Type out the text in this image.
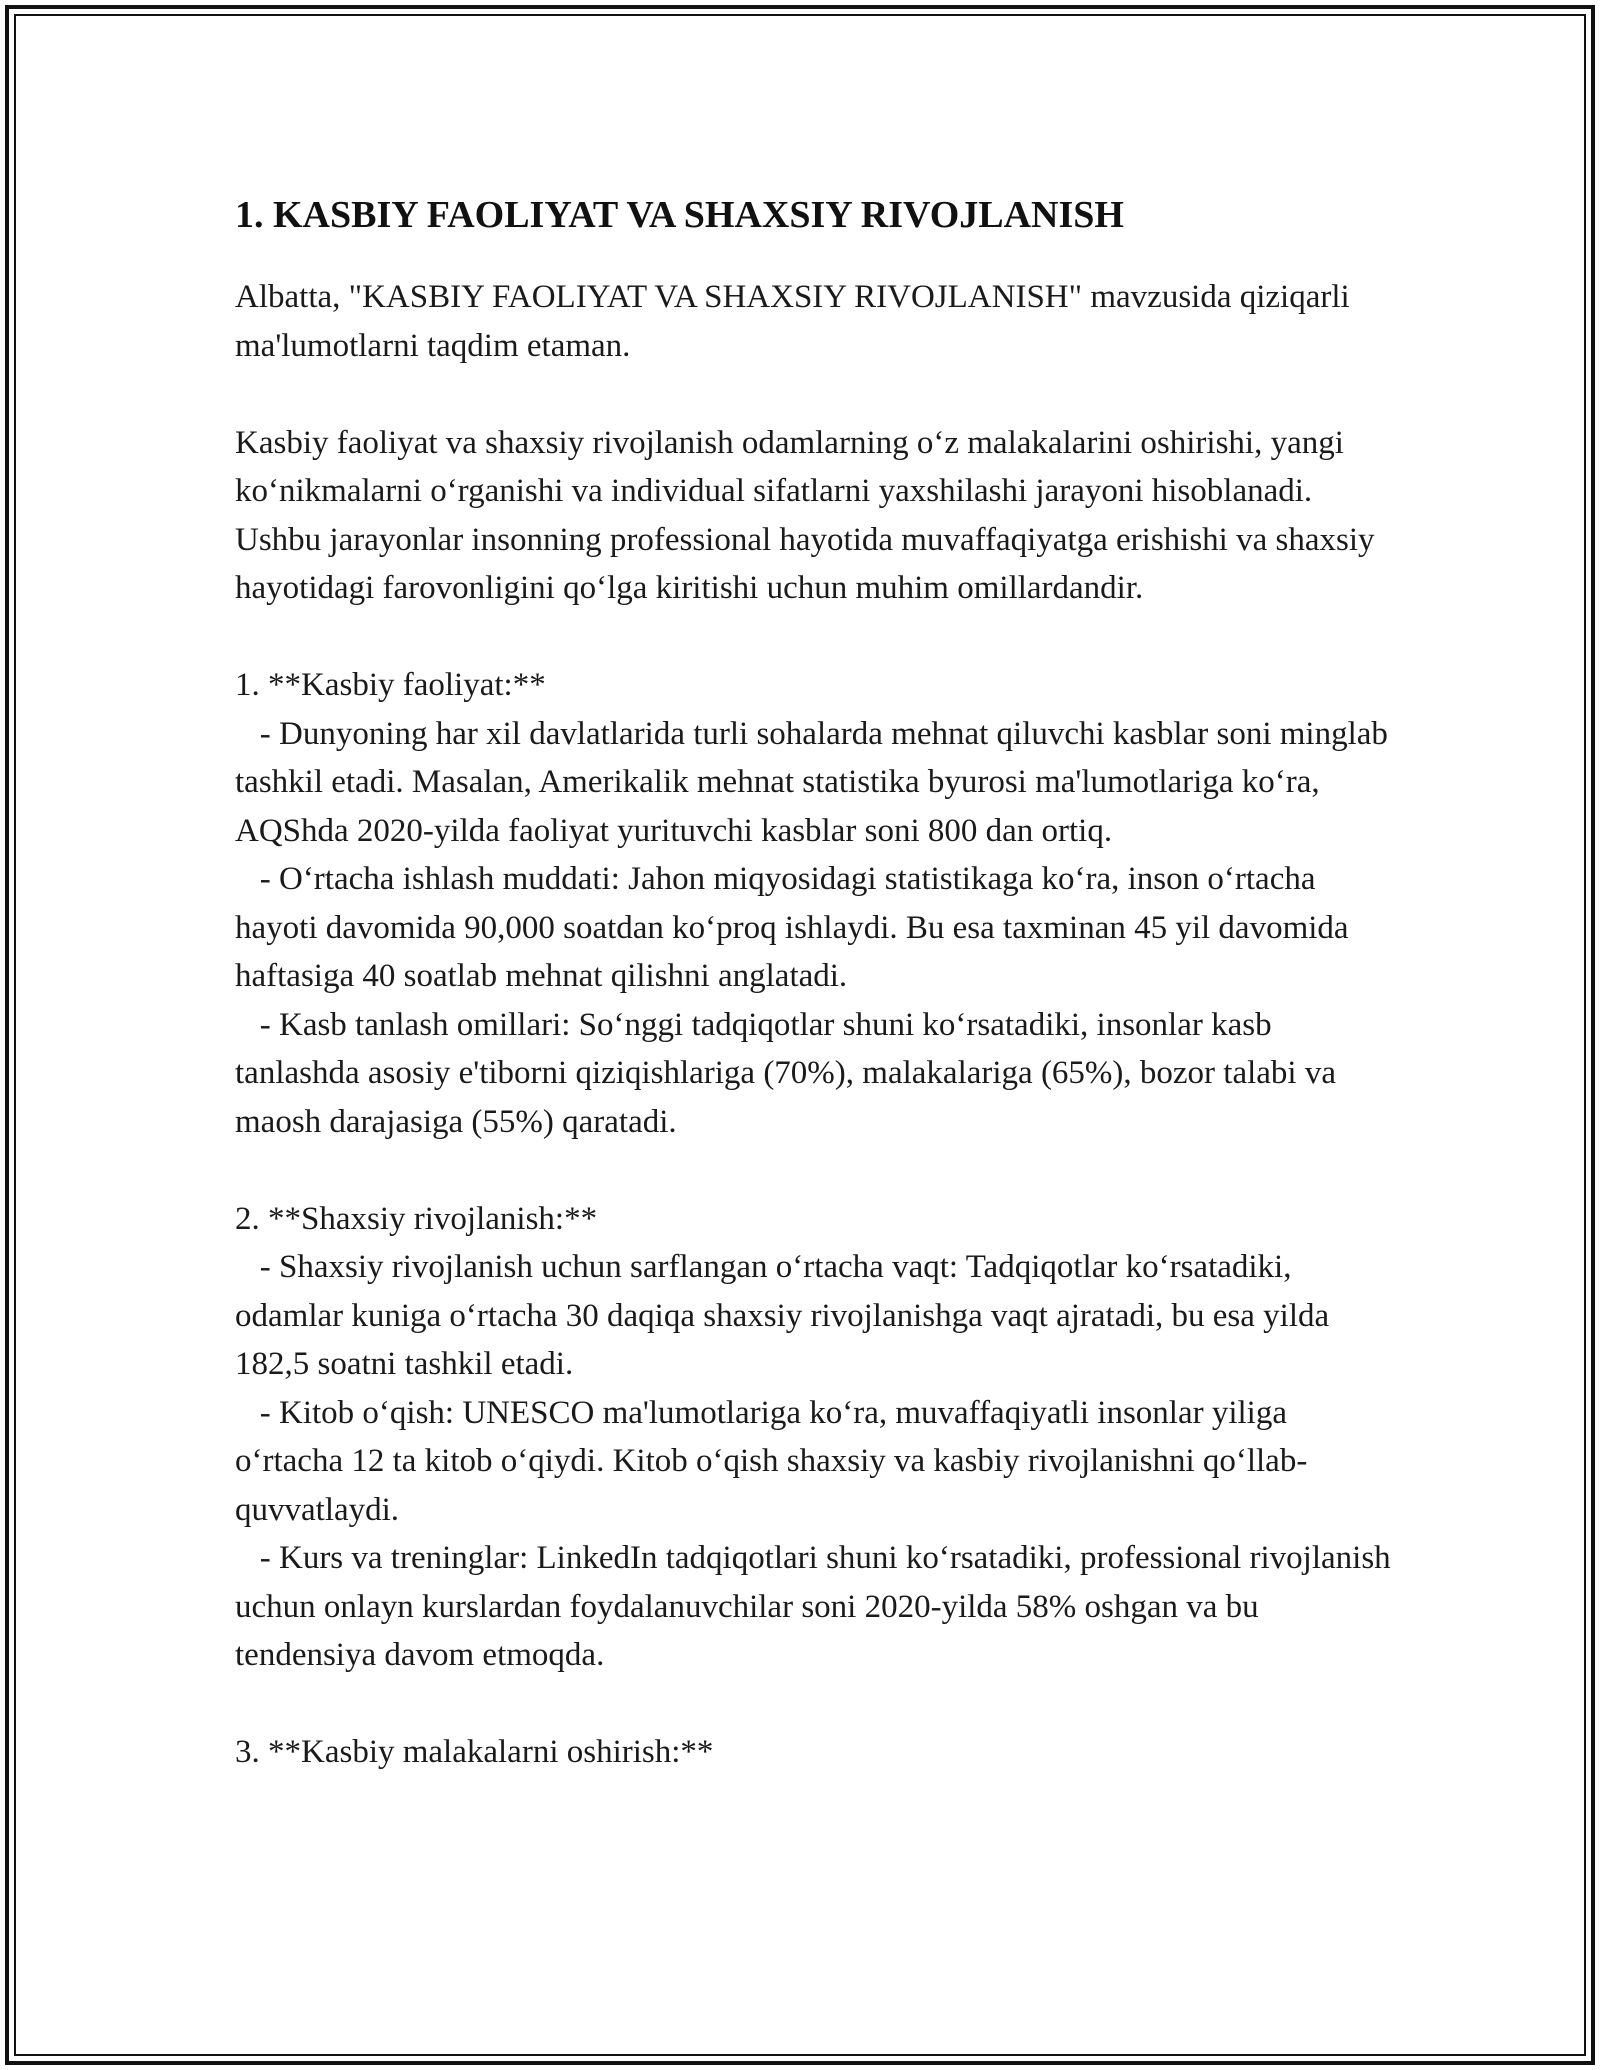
1. KASBIY FAOLIYAT VA SHAXSIY RIVOJLANISH

Albatta, "KASBIY FAOLIYAT VA SHAXSIY RIVOJLANISH" mavzusida qiziqarli ma'lumotlarni taqdim etaman.

Kasbiy faoliyat va shaxsiy rivojlanish odamlarning oʻz malakalarini oshirishi, yangi koʻnikmalarni oʻrganishi va individual sifatlarni yaxshilashi jarayoni hisoblanadi. Ushbu jarayonlar insonning professional hayotida muvaffaqiyatga erishishi va shaxsiy hayotidagi farovonligini qoʻlga kiritishi uchun muhim omillardandir.

1. **Kasbiy faoliyat:**

- Dunyoning har xil davlatlarida turli sohalarda mehnat qiluvchi kasblar soni minglab tashkil etadi. Masalan, Amerikalik mehnat statistika byurosi ma'lumotlariga koʻra, AQShda 2020-yilda faoliyat yurituvchi kasblar soni 800 dan ortiq.

- Oʻrtacha ishlash muddati: Jahon miqyosidagi statistikaga koʻra, inson oʻrtacha hayoti davomida 90,000 soatdan koʻproq ishlaydi. Bu esa taxminan 45 yil davomida haftasiga 40 soatlab mehnat qilishni anglatadi.

- Kasb tanlash omillari: Soʻnggi tadqiqotlar shuni koʻrsatadiki, insonlar kasb tanlashda asosiy e'tiborni qiziqishlariga (70%), malakalariga (65%), bozor talabi va maosh darajasiga (55%) qaratadi.

2. **Shaxsiy rivojlanish:**

- Shaxsiy rivojlanish uchun sarflangan oʻrtacha vaqt: Tadqiqotlar koʻrsatadiki, odamlar kuniga oʻrtacha 30 daqiqa shaxsiy rivojlanishga vaqt ajratadi, bu esa yilda 182,5 soatni tashkil etadi.

- Kitob oʻqish: UNESCO ma'lumotlariga koʻra, muvaffaqiyatli insonlar yiliga oʻrtacha 12 ta kitob oʻqiydi. Kitob oʻqish shaxsiy va kasbiy rivojlanishni qoʻllab-quvvatlaydi.

- Kurs va treninglar: LinkedIn tadqiqotlari shuni koʻrsatadiki, professional rivojlanish uchun onlayn kurslardan foydalanuvchilar soni 2020-yilda 58% oshgan va bu tendensiya davom etmoqda.

3. **Kasbiy malakalarni oshirish:**
